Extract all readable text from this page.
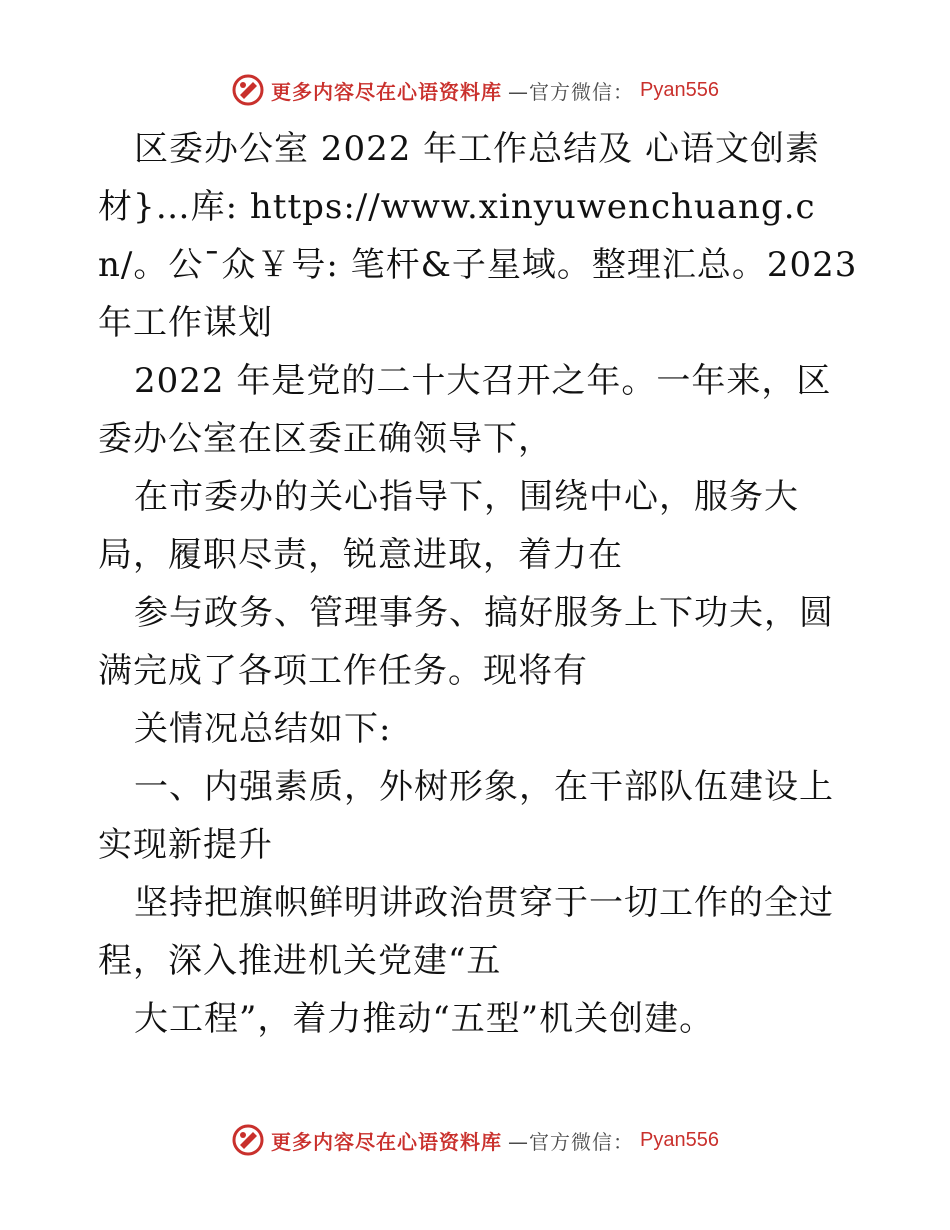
更多内容尽在心语资料库 —官方微信： Pyan556

区委办公室 2022 年工作总结及 心语文创素材}…库: https://www.xinyuwenchuang.cn/。公¯众￥号: 笔杆&子星域。整理汇总。2023 年工作谋划

2022 年是党的二十大召开之年。一年来，区委办公室在区委正确领导下，

在市委办的关心指导下，围绕中心，服务大局，履职尽责，锐意进取，着力在

参与政务、管理事务、搞好服务上下功夫，圆满完成了各项工作任务。现将有

关情况总结如下:

一、内强素质，外树形象，在干部队伍建设上实现新提升

坚持把旗帜鲜明讲政治贯穿于一切工作的全过程，深入推进机关党建“五

大工程”，着力推动“五型”机关创建。

更多内容尽在心语资料库 —官方微信： Pyan556
